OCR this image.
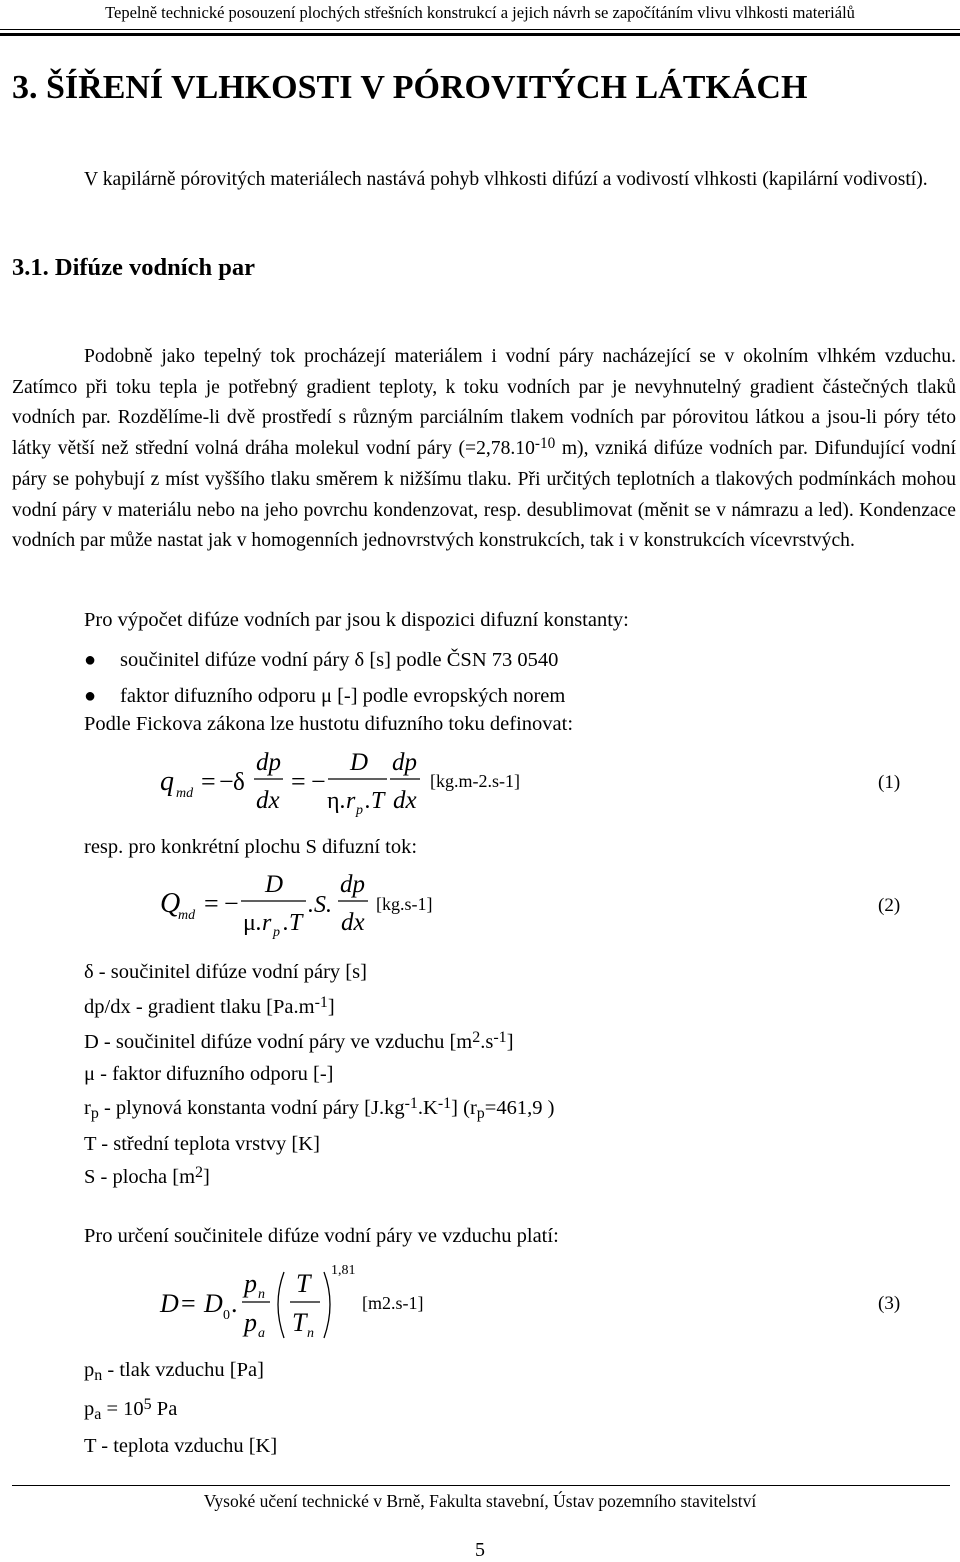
Tepelně technické posouzení plochých střešních konstrukcí a jejich návrh se započítáním vlivu vlhkosti materiálů
3. ŠÍŘENÍ VLHKOSTI V PÓROVITÝCH LÁTKÁCH

V kapilárně pórovitých materiálech nastává pohyb vlhkosti difúzí a vodivostí vlhkosti (kapilární vodivostí).

3.1. Difúze vodních par

Podobně jako tepelný tok procházejí materiálem i vodní páry nacházející se v okolním vlhkém vzduchu. Zatímco při toku tepla je potřebný gradient teploty, k toku vodních par je nevyhnutelný gradient částečných tlaků vodních par. Rozdělíme-li dvě prostředí s různým parciálním tlakem vodních par pórovitou látkou a jsou-li póry této látky větší než střední volná dráha molekul vodní páry ($=2,78.10^{-10}$ m), vzniká difúze vodních par. Difundující vodní páry se pohybují z míst vyššího tlaku směrem k nižšímu tlaku. Při určitých teplotních a tlakových podmínkách mohou vodní páry v materiálu nebo na jeho povrchu kondenzovat, resp. desublimovat (měnit se v námrazu a led). Kondenzace vodních par může nastat jak v homogenních jednovrstvých konstrukcích, tak i v konstrukcích vícevrstvých.

Pro výpočet difúze vodních par jsou k dispozici difuzní konstanty:
● součinitel difúze vodní páry δ [s] podle ČSN 73 0540
● faktor difuzního odporu μ [-] podle evropských norem
Podle Fickova zákona lze hustotu difuzního toku definovat:
q md = − δ
dp
dx
= −
D
η .r p .T
dp
dx
[kg.m-2.s-1]	(1)
resp. pro konkrétní plochu S difuzní tok:
Q
md = −
D
μ .r p .T
.S.
dp
dx
[kg.s-1]	(2)
δ - součinitel difúze vodní páry [s]
dp/dx - gradient tlaku $[Pa.m^{-1}]$
D - součinitel difúze vodní páry ve vzduchu $[m^2.s^{-1}]$
μ - faktor difuzního odporu [-]
$r_p$ - plynová konstanta vodní páry $[J.kg^{-1}.K^{-1}]$ ($r_p=461,9$ )
T - střední teplota vrstvy [K]
S - plocha $[m^2]$
Pro určení součinitele difúze vodní páry ve vzduchu platí:
D = D 0 .
p n
p a
T
T n
1,81
[m2.s-1]	(3)
$p_n$ - tlak vzduchu [Pa]
$p_a = 10^5$ Pa
T - teplota vzduchu [K]
Vysoké učení technické v Brně, Fakulta stavební, Ústav pozemního stavitelství
5
